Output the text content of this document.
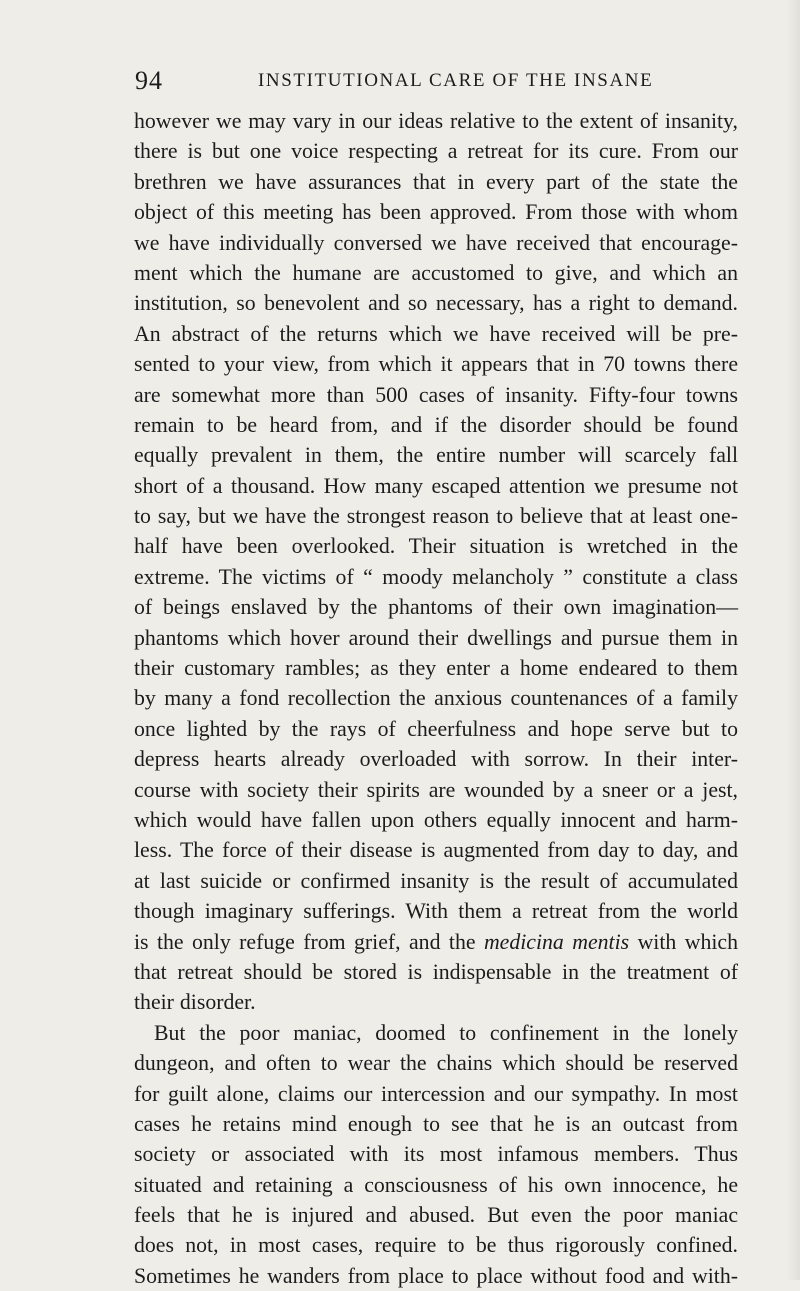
94	INSTITUTIONAL CARE OF THE INSANE
however we may vary in our ideas relative to the extent of insanity,
there is but one voice respecting a retreat for its cure. From our
brethren we have assurances that in every part of the state the
object of this meeting has been approved. From those with whom
we have individually conversed we have received that encourage-
ment which the humane are accustomed to give, and which an
institution, so benevolent and so necessary, has a right to demand.
An abstract of the returns which we have received will be pre-
sented to your view, from which it appears that in 70 towns there
are somewhat more than 500 cases of insanity. Fifty-four towns
remain to be heard from, and if the disorder should be found
equally prevalent in them, the entire number will scarcely fall
short of a thousand. How many escaped attention we presume not
to say, but we have the strongest reason to believe that at least one-
half have been overlooked. Their situation is wretched in the
extreme. The victims of “ moody melancholy ” constitute a class
of beings enslaved by the phantoms of their own imagination—
phantoms which hover around their dwellings and pursue them in
their customary rambles; as they enter a home endeared to them
by many a fond recollection the anxious countenances of a family
once lighted by the rays of cheerfulness and hope serve but to
depress hearts already overloaded with sorrow. In their inter-
course with society their spirits are wounded by a sneer or a jest,
which would have fallen upon others equally innocent and harm-
less. The force of their disease is augmented from day to day, and
at last suicide or confirmed insanity is the result of accumulated
though imaginary sufferings. With them a retreat from the world
is the only refuge from grief, and the medicina mentis with which
that retreat should be stored is indispensable in the treatment of
their disorder.
But the poor maniac, doomed to confinement in the lonely
dungeon, and often to wear the chains which should be reserved
for guilt alone, claims our intercession and our sympathy. In most
cases he retains mind enough to see that he is an outcast from
society or associated with its most infamous members. Thus
situated and retaining a consciousness of his own innocence, he
feels that he is injured and abused. But even the poor maniac
does not, in most cases, require to be thus rigorously confined.
Sometimes he wanders from place to place without food and with-
